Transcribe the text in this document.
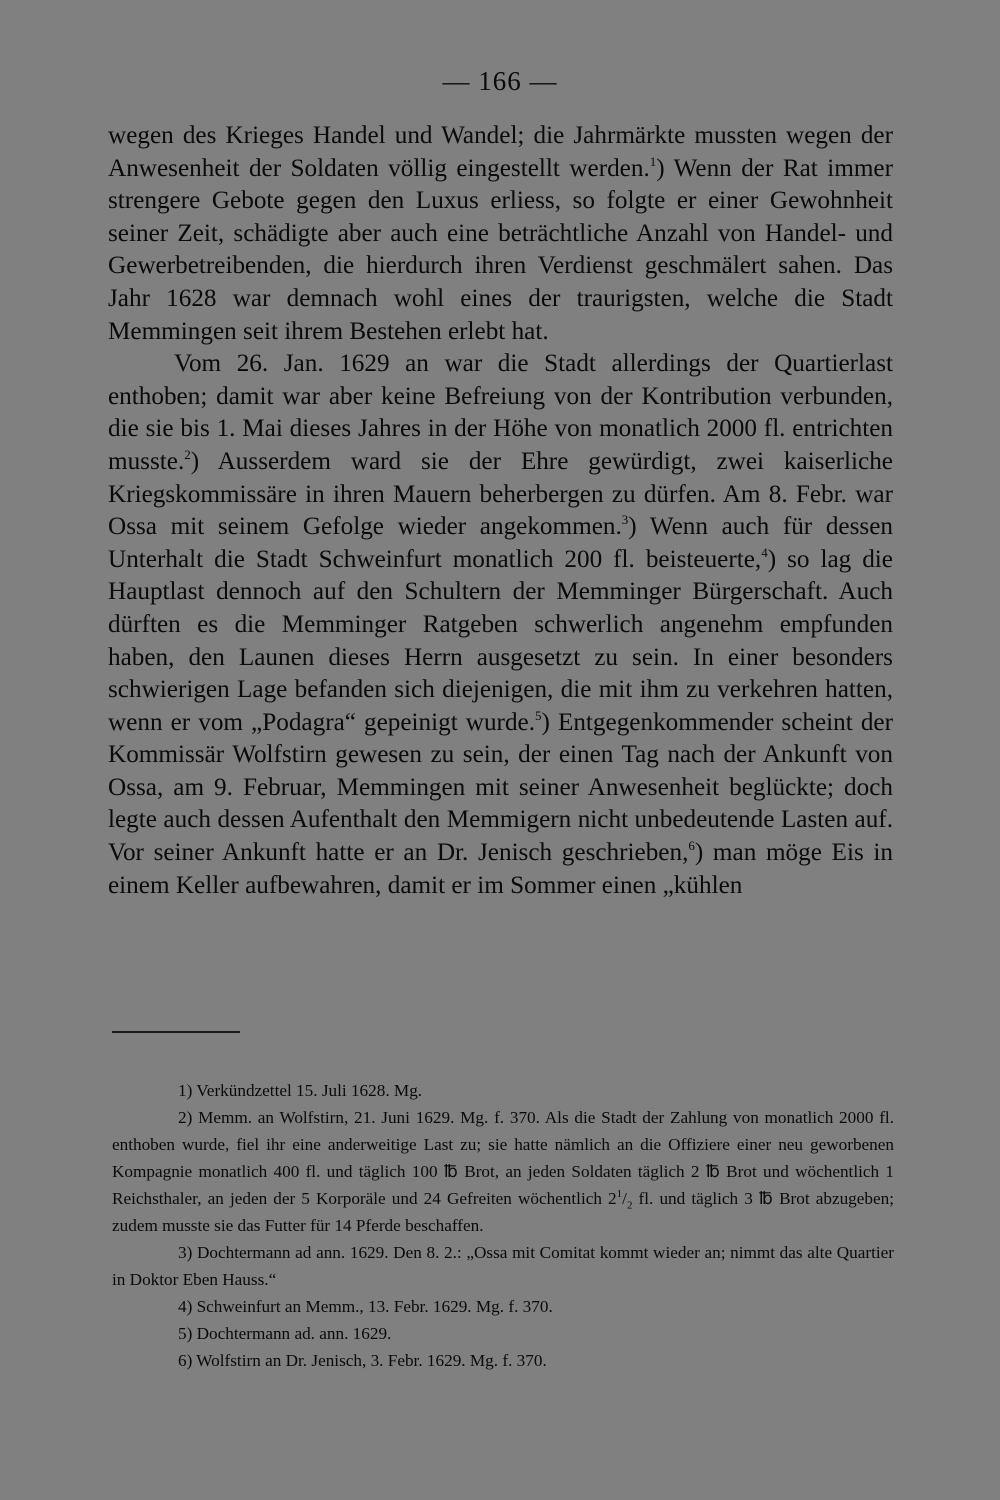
— 166 —

wegen des Krieges Handel und Wandel; die Jahrmärkte mussten wegen der Anwesenheit der Soldaten völlig eingestellt werden.$^1$) Wenn der Rat immer strengere Gebote gegen den Luxus erliess, so folgte er einer Gewohnheit seiner Zeit, schädigte aber auch eine beträchtliche Anzahl von Handel- und Gewerbetreibenden, die hierdurch ihren Verdienst geschmälert sahen. Das Jahr 1628 war demnach wohl eines der traurigsten, welche die Stadt Memmingen seit ihrem Bestehen erlebt hat.

Vom 26. Jan. 1629 an war die Stadt allerdings der Quartierlast enthoben; damit war aber keine Befreiung von der Kontribution verbunden, die sie bis 1. Mai dieses Jahres in der Höhe von monatlich 2000 fl. entrichten musste.$^2$) Ausserdem ward sie der Ehre gewürdigt, zwei kaiserliche Kriegskommissäre in ihren Mauern beherbergen zu dürfen. Am 8. Febr. war Ossa mit seinem Gefolge wieder angekommen.$^3$) Wenn auch für dessen Unterhalt die Stadt Schweinfurt monatlich 200 fl. beisteuerte,$^4$) so lag die Hauptlast dennoch auf den Schultern der Memminger Bürgerschaft. Auch dürften es die Memminger Ratgeben schwerlich angenehm empfunden haben, den Launen dieses Herrn ausgesetzt zu sein. In einer besonders schwierigen Lage befanden sich diejenigen, die mit ihm zu verkehren hatten, wenn er vom „Podagra“ gepeinigt wurde.$^5$) Entgegenkommender scheint der Kommissär Wolfstirn gewesen zu sein, der einen Tag nach der Ankunft von Ossa, am 9. Februar, Memmingen mit seiner Anwesenheit beglückte; doch legte auch dessen Aufenthalt den Memmigern nicht unbedeutende Lasten auf. Vor seiner Ankunft hatte er an Dr. Jenisch geschrieben,$^6$) man möge Eis in einem Keller aufbewahren, damit er im Sommer einen „kühlen

1) Verkündzettel 15. Juli 1628. Mg.

2) Memm. an Wolfstirn, 21. Juni 1629. Mg. f. 370. Als die Stadt der Zahlung von monatlich 2000 fl. enthoben wurde, fiel ihr eine anderweitige Last zu; sie hatte nämlich an die Offiziere einer neu geworbenen Kompagnie monatlich 400 fl. und täglich 100 ℔ Brot, an jeden Soldaten täglich 2 ℔ Brot und wöchentlich 1 Reichsthaler, an jeden der 5 Korporäle und 24 Gefreiten wöchentlich $2^1/_2$ fl. und täglich 3 ℔ Brot abzugeben; zudem musste sie das Futter für 14 Pferde beschaffen.

3) Dochtermann ad ann. 1629. Den 8. 2.: „Ossa mit Comitat kommt wieder an; nimmt das alte Quartier in Doktor Eben Hauss.“

4) Schweinfurt an Memm., 13. Febr. 1629. Mg. f. 370.

5) Dochtermann ad. ann. 1629.

6) Wolfstirn an Dr. Jenisch, 3. Febr. 1629. Mg. f. 370.
